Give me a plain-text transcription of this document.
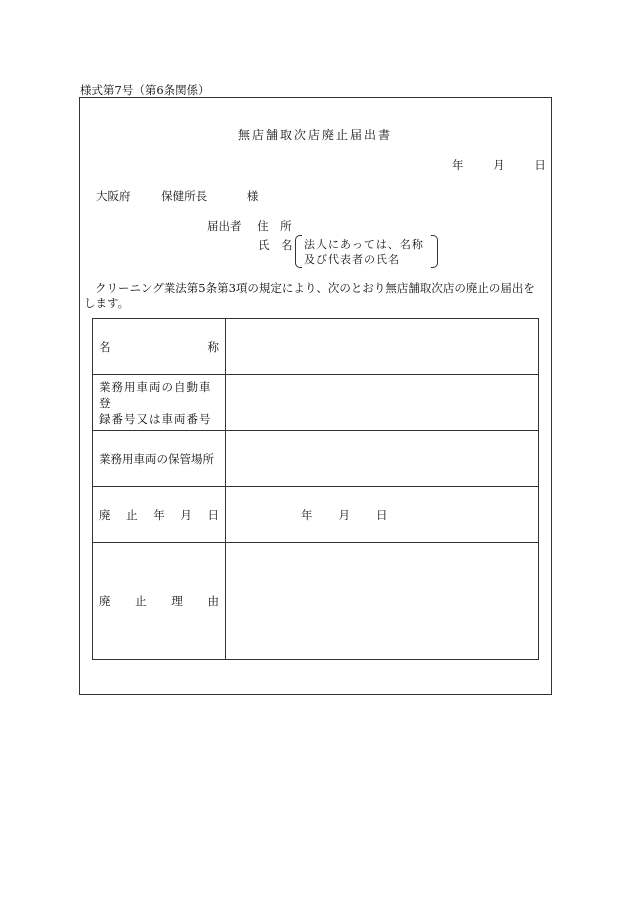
様式第7号（第6条関係）
無店舗取次店廃止届出書
年	月	日
大阪府	保健所長	様
届出者 住　所
氏　名 法人にあっては、名称
及び代表者の氏名
クリーニング業法第5条第3項の規定により、次のとおり無店舗取次店の廃止の届出をします。
名 称	

業務用車両の自動車登
録番号又は車両番号	

業務用車両の保管場所	

廃 止 年 月 日	年 月 日

廃 止 理 由	
